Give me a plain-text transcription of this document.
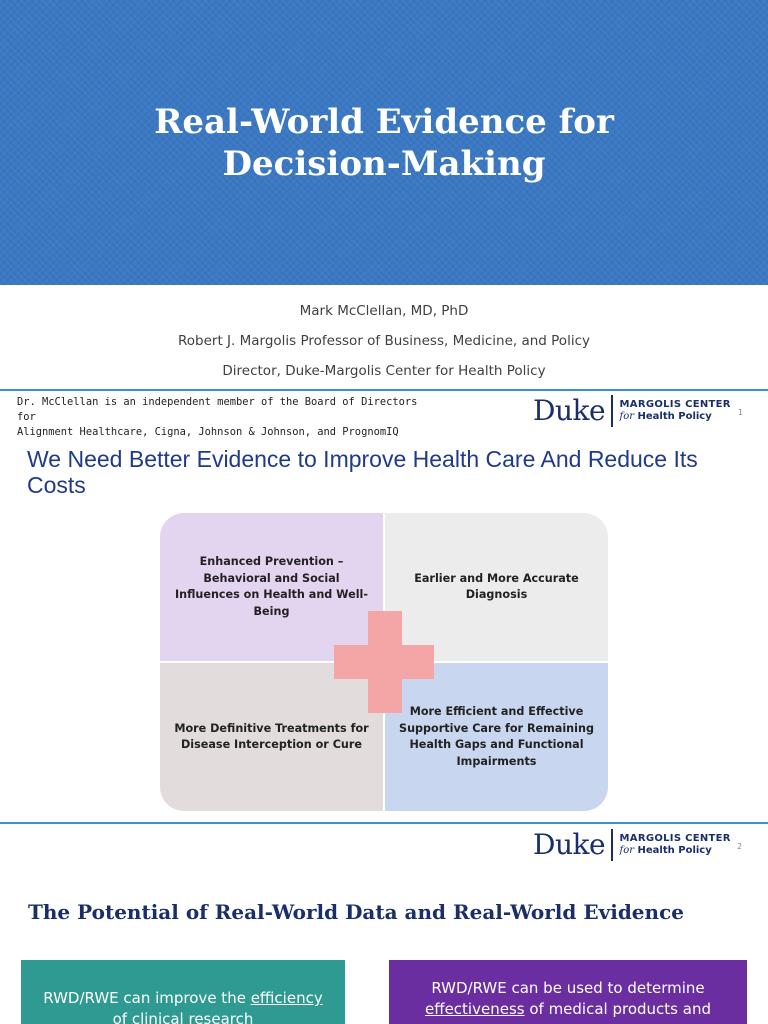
Real-World Evidence for
Decision-Making
Mark McClellan, MD, PhD
Robert J. Margolis Professor of Business, Medicine, and Policy
Director, Duke-Margolis Center for Health Policy
Dr. McClellan is an independent member of the Board of Directors for
Alignment Healthcare, Cigna, Johnson & Johnson, and PrognomIQ
Duke MARGOLIS CENTER
for Health Policy	1
We Need Better Evidence to Improve Health Care And Reduce Its Costs
Enhanced Prevention – Behavioral and Social Influences on Health and Well-Being
Earlier and More Accurate Diagnosis
More Definitive Treatments for Disease Interception or Cure
More Efficient and Effective Supportive Care for Remaining Health Gaps and Functional Impairments
Duke MARGOLIS CENTER
for Health Policy	2
The Potential of Real-World Data and Real-World Evidence
RWD/RWE can improve the efficiency
of clinical research
RWD/RWE can be used to determine
effectiveness of medical products and
